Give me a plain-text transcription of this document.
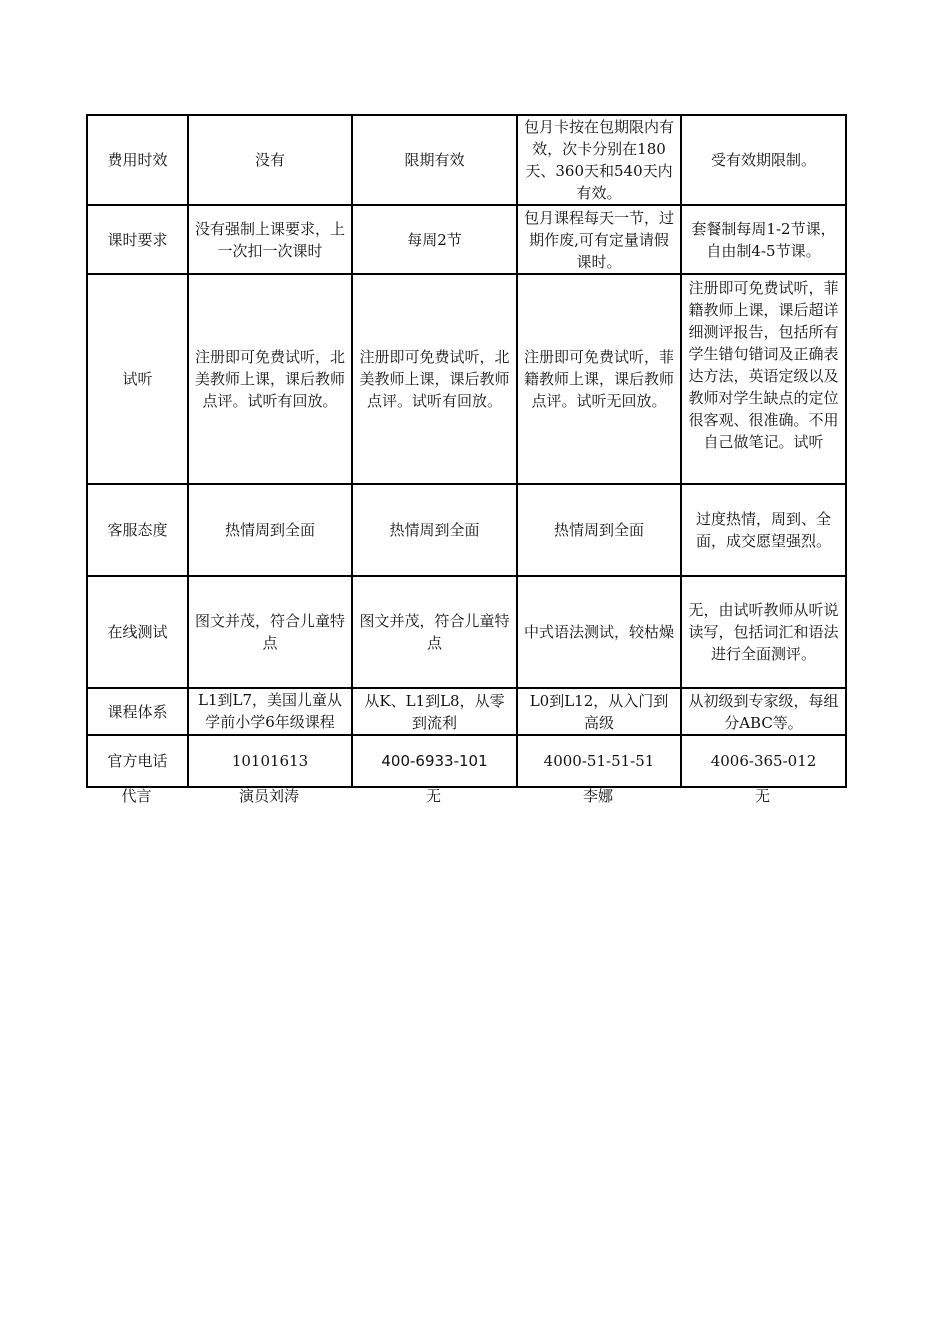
费用时效	没有	限期有效	包月卡按在包期限内有效，次卡分别在180天、360天和540天内有效。	受有效期限制。
课时要求	没有强制上课要求，上一次扣一次课时	每周2节	包月课程每天一节，过期作废,可有定量请假课时。	套餐制每周1-2节课，自由制4-5节课。
试听	注册即可免费试听，北美教师上课，课后教师点评。试听有回放。	注册即可免费试听，北美教师上课，课后教师点评。试听有回放。	注册即可免费试听，菲籍教师上课，课后教师点评。试听无回放。	注册即可免费试听，菲籍教师上课，课后超详细测评报告，包括所有学生错句错词及正确表达方法，英语定级以及教师对学生缺点的定位很客观、很准确。不用自己做笔记。试听

客服态度	热情周到全面	热情周到全面	热情周到全面	过度热情，周到、全面，成交愿望强烈。
在线测试	图文并茂，符合儿童特点	图文并茂，符合儿童特点	中式语法测试，较枯燥	无，由试听教师从听说读写，包括词汇和语法进行全面测评。
课程体系	L1到L7，美国儿童从学前小学6年级课程	从K、L1到L8，从零到流利	L0到L12，从入门到高级	从初级到专家级，每组分ABC等。
官方电话	10101613	400-6933-101	4000-51-51-51	4006-365-012
代言	演员刘涛	无	李娜	无
